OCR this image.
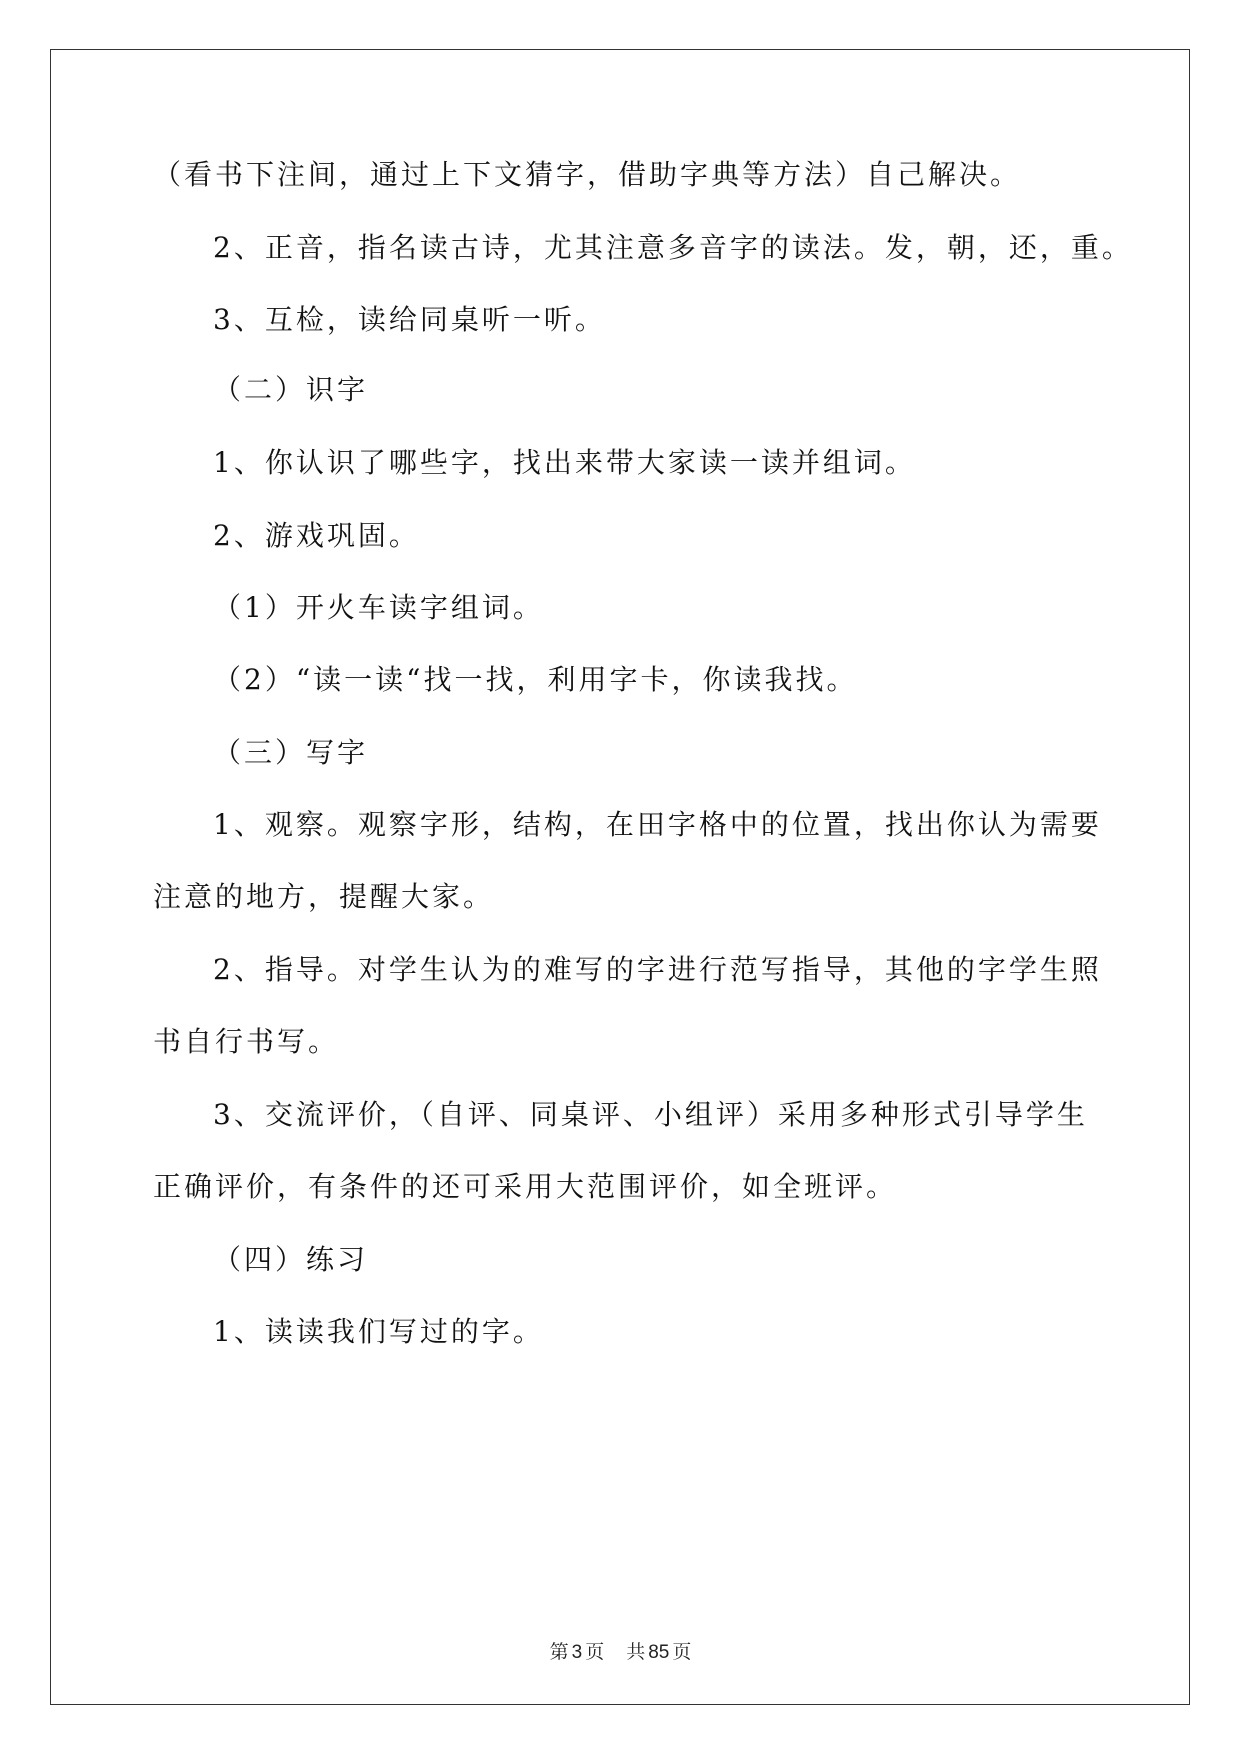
（看书下注间，通过上下文猜字，借助字典等方法）自己解决。
2、正音，指名读古诗，尤其注意多音字的读法。发，朝，还，重。
3、互检，读给同桌听一听。
（二）识字
1、你认识了哪些字，找出来带大家读一读并组词。
2、游戏巩固。
（1）开火车读字组词。
（2）“读一读“找一找，利用字卡，你读我找。
（三）写字
1、观察。观察字形，结构，在田字格中的位置，找出你认为需要
注意的地方，提醒大家。
2、指导。对学生认为的难写的字进行范写指导，其他的字学生照
书自行书写。
3、交流评价，（自评、同桌评、小组评）采用多种形式引导学生
正确评价，有条件的还可采用大范围评价，如全班评。
（四）练习
1、读读我们写过的字。
第 3 页 共 85 页
